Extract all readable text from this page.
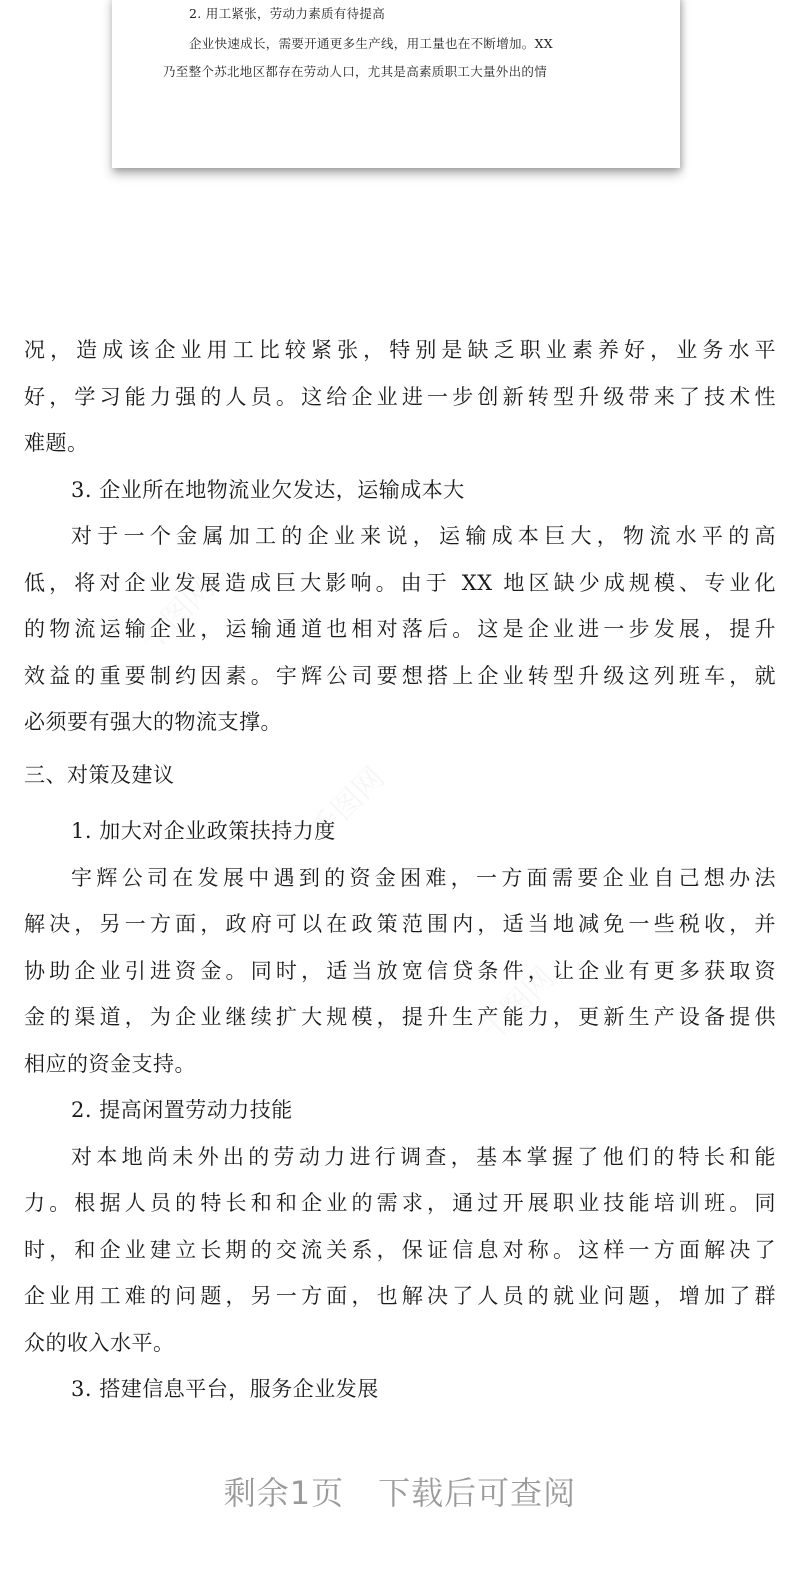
2. 用工紧张，劳动力素质有待提高
企业快速成长，需要开通更多生产线，用工量也在不断增加。XX
乃至整个苏北地区都存在劳动人口，尤其是高素质职工大量外出的情
千图网
千图网
千图网
况，造成该企业用工比较紧张，特别是缺乏职业素养好，业务水平
好，学习能力强的人员。这给企业进一步创新转型升级带来了技术性
难题。
3. 企业所在地物流业欠发达，运输成本大
对于一个金属加工的企业来说，运输成本巨大，物流水平的高
低，将对企业发展造成巨大影响。由于 XX 地区缺少成规模、专业化
的物流运输企业，运输通道也相对落后。这是企业进一步发展，提升
效益的重要制约因素。宇辉公司要想搭上企业转型升级这列班车，就
必须要有强大的物流支撑。
三、对策及建议
1. 加大对企业政策扶持力度
宇辉公司在发展中遇到的资金困难，一方面需要企业自己想办法
解决，另一方面，政府可以在政策范围内，适当地减免一些税收，并
协助企业引进资金。同时，适当放宽信贷条件，让企业有更多获取资
金的渠道，为企业继续扩大规模，提升生产能力，更新生产设备提供
相应的资金支持。
2. 提高闲置劳动力技能
对本地尚未外出的劳动力进行调查，基本掌握了他们的特长和能
力。根据人员的特长和和企业的需求，通过开展职业技能培训班。同
时，和企业建立长期的交流关系，保证信息对称。这样一方面解决了
企业用工难的问题，另一方面，也解决了人员的就业问题，增加了群
众的收入水平。
3. 搭建信息平台，服务企业发展
剩余1页 下载后可查阅
